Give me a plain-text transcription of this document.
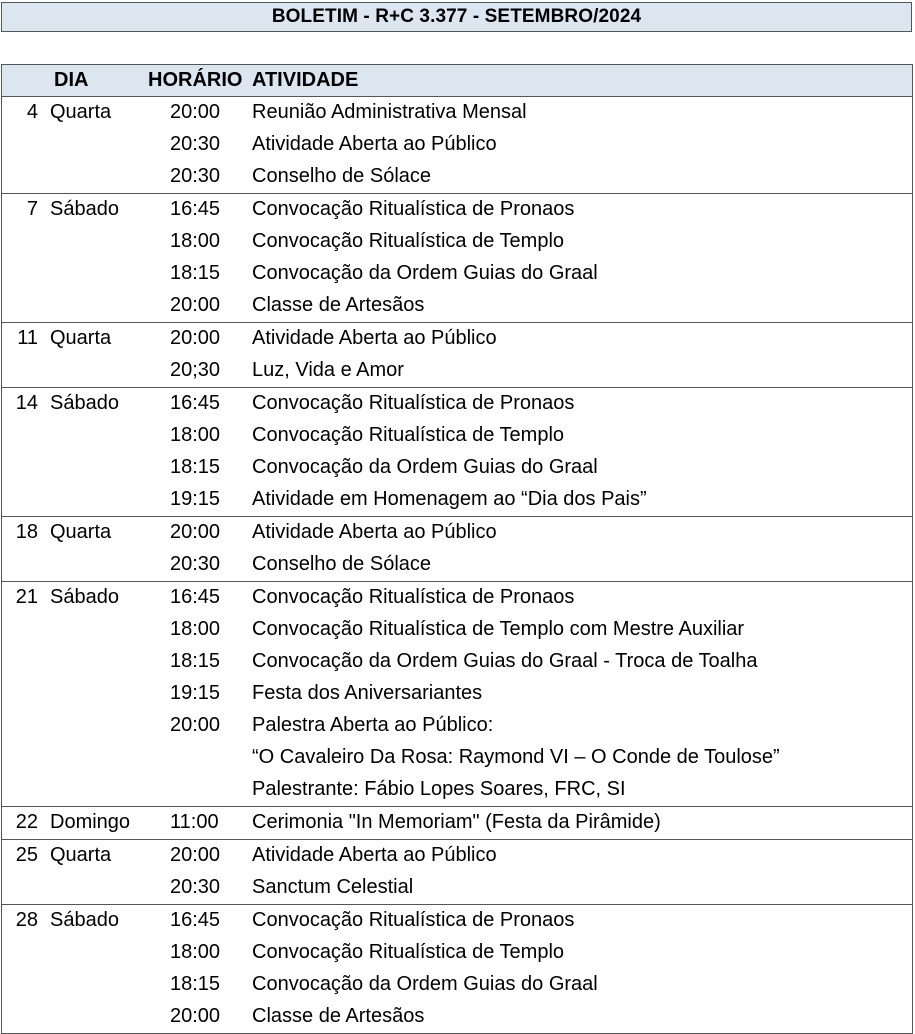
BOLETIM - R+C 3.377 - SETEMBRO/2024
DIA	HORÁRIO ATIVIDADE
4 Quarta	20:00 Reunião Administrativa Mensal
20:30 Atividade Aberta ao Público
20:30 Conselho de Sólace
7 Sábado	16:45 Convocação Ritualística de Pronaos
18:00 Convocação Ritualística de Templo
18:15 Convocação da Ordem Guias do Graal
20:00 Classe de Artesãos
11 Quarta	20:00 Atividade Aberta ao Público
20;30 Luz, Vida e Amor
14 Sábado	16:45 Convocação Ritualística de Pronaos
18:00 Convocação Ritualística de Templo
18:15 Convocação da Ordem Guias do Graal
19:15 Atividade em Homenagem ao “Dia dos Pais”
18 Quarta	20:00 Atividade Aberta ao Público
20:30 Conselho de Sólace
21 Sábado	16:45 Convocação Ritualística de Pronaos
18:00 Convocação Ritualística de Templo com Mestre Auxiliar
18:15 Convocação da Ordem Guias do Graal - Troca de Toalha
19:15 Festa dos Aniversariantes
20:00 Palestra Aberta ao Público:
“O Cavaleiro Da Rosa: Raymond VI – O Conde de Toulose”
Palestrante: Fábio Lopes Soares, FRC, SI
22 Domingo 11:00 Cerimonia "In Memoriam" (Festa da Pirâmide)
25 Quarta	20:00 Atividade Aberta ao Público
20:30 Sanctum Celestial
28 Sábado	16:45 Convocação Ritualística de Pronaos
18:00 Convocação Ritualística de Templo
18:15 Convocação da Ordem Guias do Graal
20:00 Classe de Artesãos
